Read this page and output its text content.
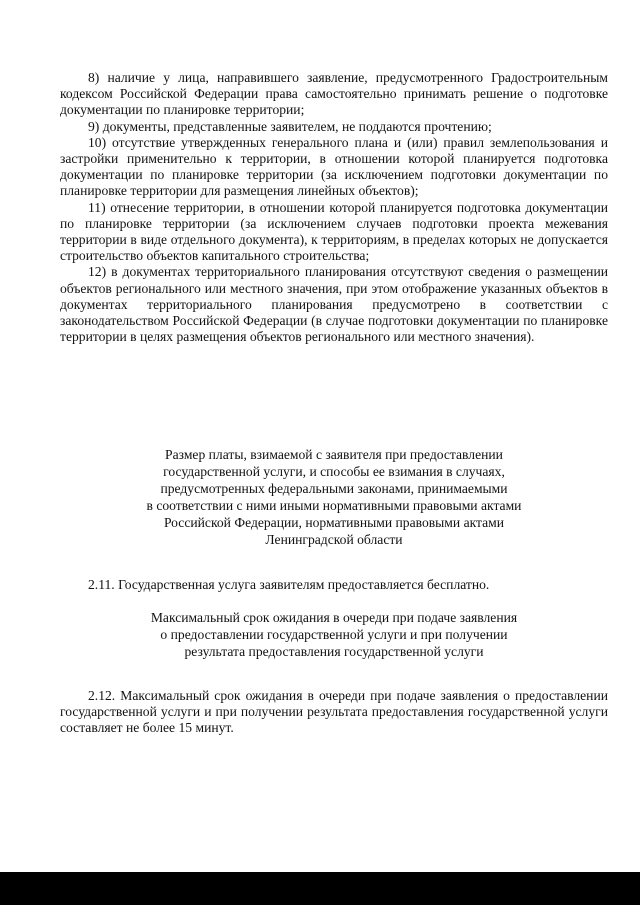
8) наличие у лица, направившего заявление, предусмотренного Градостроительным кодексом Российской Федерации права самостоятельно принимать решение о подготовке документации по планировке территории;

9) документы, представленные заявителем, не поддаются прочтению;

10) отсутствие утвержденных генерального плана и (или) правил землепользования и застройки применительно к территории, в отношении которой планируется подготовка документации по планировке территории (за исключением подготовки документации по планировке территории для размещения линейных объектов);

11) отнесение территории, в отношении которой планируется подготовка документации по планировке территории (за исключением случаев подготовки проекта межевания территории в виде отдельного документа), к территориям, в пределах которых не допускается строительство объектов капитального строительства;

12) в документах территориального планирования отсутствуют сведения о размещении объектов регионального или местного значения, при этом отображение указанных объектов в документах территориального планирования предусмотрено в соответствии с законодательством Российской Федерации (в случае подготовки документации по планировке территории в целях размещения объектов регионального или местного значения).

Размер платы, взимаемой с заявителя при предоставлении
государственной услуги, и способы ее взимания в случаях,
предусмотренных федеральными законами, принимаемыми
в соответствии с ними иными нормативными правовыми актами
Российской Федерации, нормативными правовыми актами
Ленинградской области

2.11. Государственная услуга заявителям предоставляется бесплатно.

Максимальный срок ожидания в очереди при подаче заявления
о предоставлении государственной услуги и при получении
результата предоставления государственной услуги

2.12. Максимальный срок ожидания в очереди при подаче заявления о предоставлении государственной услуги и при получении результата предоставления государственной услуги составляет не более 15 минут.
